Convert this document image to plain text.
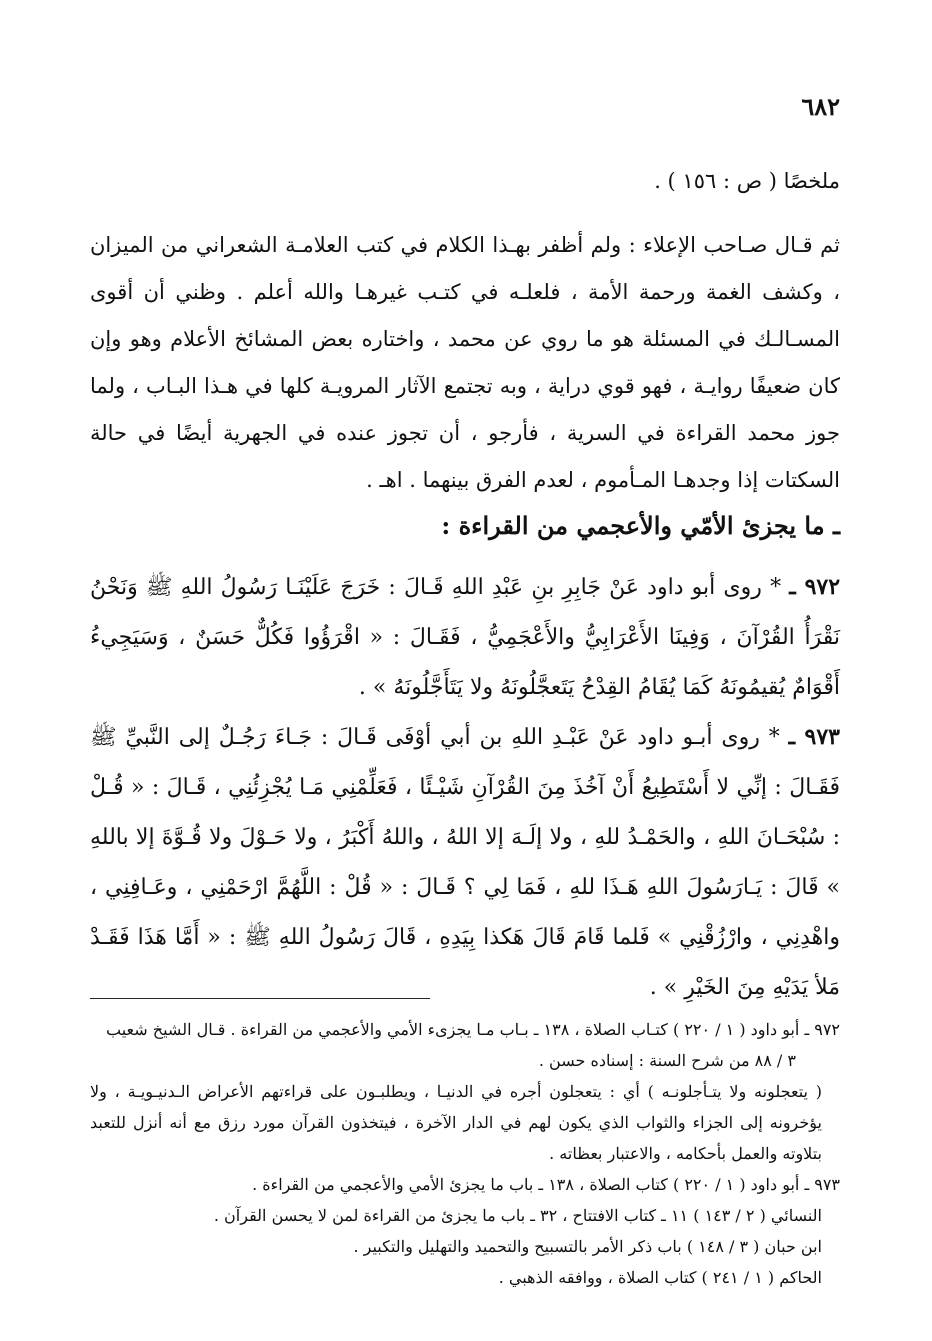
٦٨٢

ملخصًا ( ص : ١٥٦ ) .

ثم قـال صـاحب الإعلاء : ولم أظفر بهـذا الكلام في كتب العلامـة الشعراني من الميزان ، وكشف الغمة ورحمة الأمة ، فلعلـه في كتـب غيرهـا والله أعلم . وظني أن أقوى المسـالـك في المسئلة هو ما روي عن محمد ، واختاره بعض المشائخ الأعلام وهو وإن كان ضعيفًا روايـة ، فهو قوي دراية ، وبه تجتمع الآثار المرويـة كلها في هـذا البـاب ، ولما جوز محمد القراءة في السرية ، فأرجو ، أن تجوز عنده في الجهرية أيضًا في حالة السكتات إذا وجدهـا المـأموم ، لعدم الفرق بينهما . اهـ .

ـ ما يجزئ الأمّي والأعجمي من القراءة :

٩٧٢ ـ * روى أبو داود عَنْ جَابِرِ بنِ عَبْدِ اللهِ قَـالَ : خَرَجَ عَلَيْنَـا رَسُولُ اللهِ ﷺ وَنَحْنُ نَقْرَأُ القُرْآنَ ، وَفِينَا الأَعْرَابِيُّ والأَعْجَمِيُّ ، فَقَـالَ : « اقْرَؤُوا فَكُلٌّ حَسَنٌ ، وَسَيَجِيءُ أَقْوَامٌ يُقيمُونَهُ كَمَا يُقَامُ القِدْحُ يَتَعجَّلُونَهُ ولا يَتَأَجَّلُونَهُ » .

٩٧٣ ـ * روى أبـو داود عَنْ عَبْـدِ اللهِ بن أبي أوْفَى قَـالَ : جَـاءَ رَجُـلٌ إلى النَّبيِّ ﷺ فَقَـالَ : إنِّي لا أَسْتَطِيعُ أَنْ آخُذَ مِنَ القُرْآنِ شَيْـئًا ، فَعَلِّمْنِي مَـا يُجْزِئُنِي ، قَـالَ : « قُـلْ : سُبْحَـانَ اللهِ ، والحَمْـدُ للهِ ، ولا إلَـهَ إلا اللهُ ، واللهُ أَكْبَرُ ، ولا حَـوْلَ ولا قُـوَّةَ إلا باللهِ » قَالَ : يَـارَسُولَ اللهِ هَـذَا للهِ ، فَمَا لِي ؟ قَـالَ : « قُلْ : اللَّهُمَّ ارْحَمْنِي ، وعَـافِنِي ، واهْدِنِي ، وارْزُقْنِي » فَلما قَامَ قَالَ هَكذا بِيَدِهِ ، قَالَ رَسُولُ اللهِ ﷺ : « أَمَّا هَذَا فَقَـدْ مَلأ يَدَيْهِ مِنَ الخَيْرِ » .

٩٧٢ ـ أبو داود ( ١ / ٢٢٠ ) كتـاب الصلاة ، ١٣٨ ـ بـاب مـا يجزىء الأمي والأعجمي من القراءة . قـال الشيخ شعيب

٣ / ٨٨ من شرح السنة : إسناده حسن .

( يتعجلونه ولا يتـأجلونـه ) أي : يتعجلون أجره في الدنيـا ، ويطلبـون على قراءتهم الأعراض الـدنيـويـة ، ولا يؤخرونه إلى الجزاء والثواب الذي يكون لهم في الدار الآخرة ، فيتخذون القرآن مورد رزق مع أنه أنزل للتعبد بتلاوته والعمل بأحكامه ، والاعتبار بعظاته .

٩٧٣ ـ أبو داود ( ١ / ٢٢٠ ) كتاب الصلاة ، ١٣٨ ـ باب ما يجزئ الأمي والأعجمي من القراءة .

النسائي ( ٢ / ١٤٣ ) ١١ ـ كتاب الافتتاح ، ٣٢ ـ باب ما يجزئ من القراءة لمن لا يحسن القرآن .

ابن حبان ( ٣ / ١٤٨ ) باب ذكر الأمر بالتسبيح والتحميد والتهليل والتكبير .

الحاكم ( ١ / ٢٤١ ) كتاب الصلاة ، ووافقه الذهبي .
